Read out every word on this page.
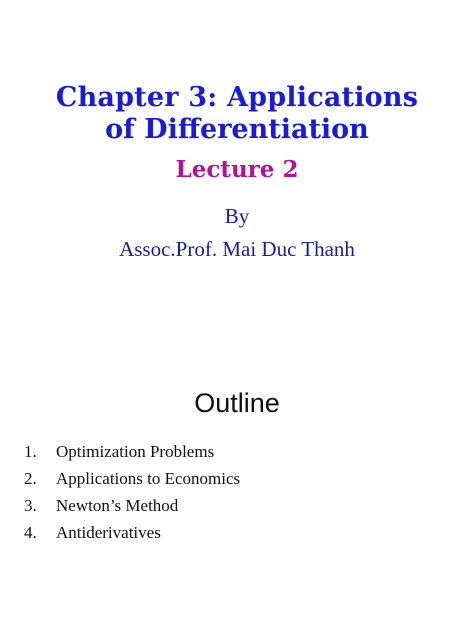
Chapter 3: Applications
of Differentiation
Lecture 2
By
Assoc.Prof. Mai Duc Thanh
Outline
1. Optimization Problems
2. Applications to Economics
3. Newton’s Method
4. Antiderivatives
